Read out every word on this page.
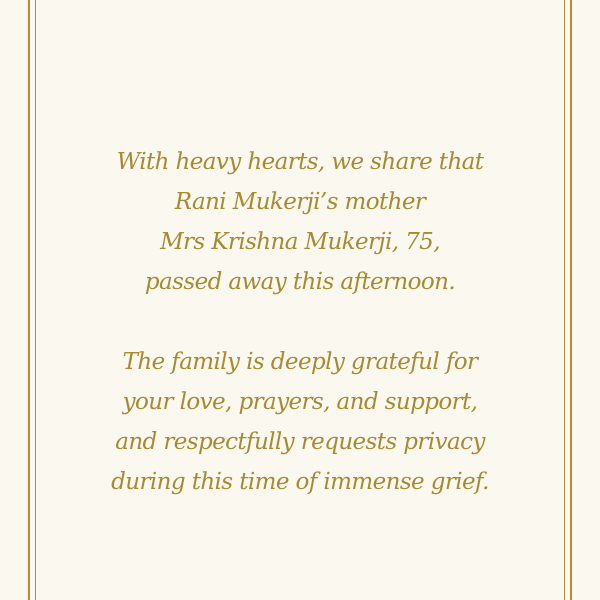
With heavy hearts, we share that
Rani Mukerji’s mother
Mrs Krishna Mukerji, 75,
passed away this afternoon.

The family is deeply grateful for
your love, prayers, and support,
and respectfully requests privacy
during this time of immense grief.
